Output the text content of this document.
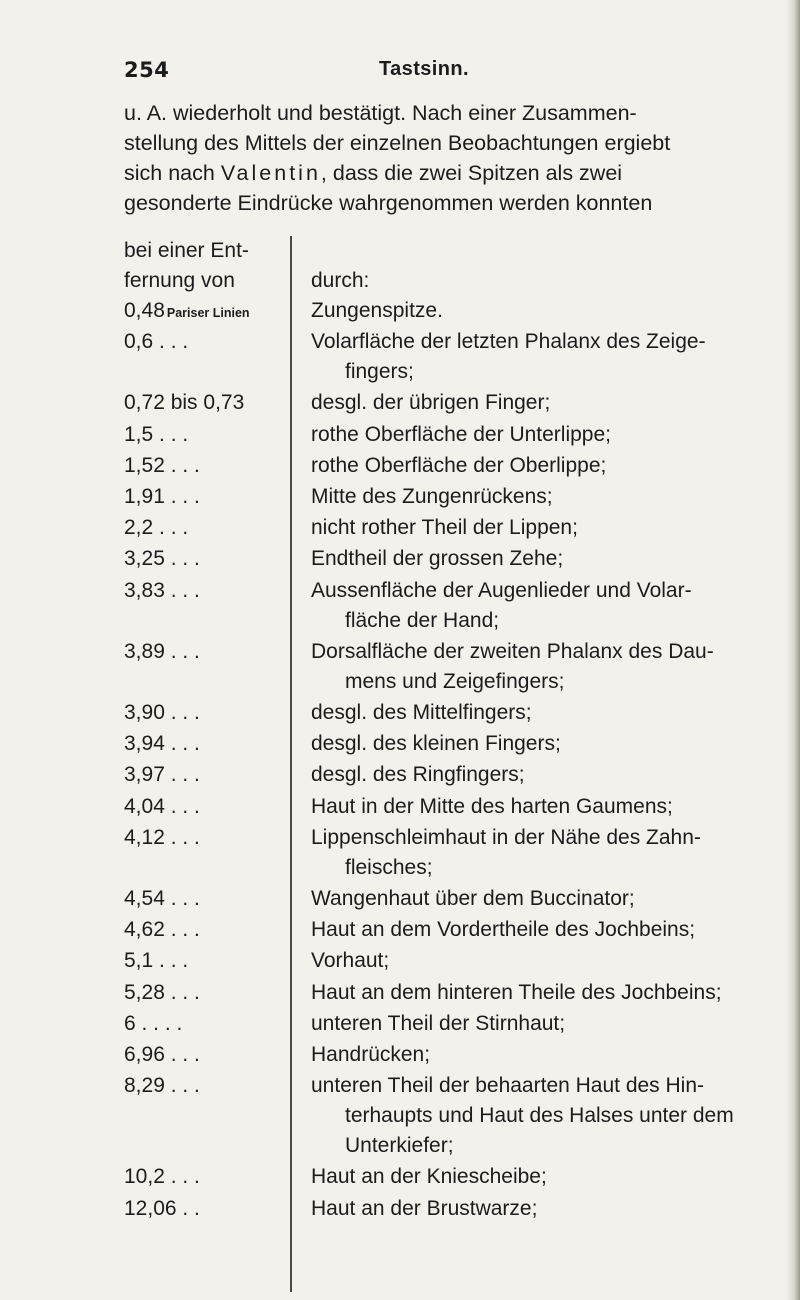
254	Tastsinn.

u. A. wiederholt und bestätigt. Nach einer Zusammen-

stellung des Mittels der einzelnen Beobachtungen ergiebt

sich nach Valentin, dass die zwei Spitzen als zwei

gesonderte Eindrücke wahrgenommen werden konnten

bei einer Ent-
fernung von	durch:
0,48 Pariser Linien	Zungenspitze.
0,6 . . .	Volarfläche der letzten Phalanx des Zeige-
fingers;
0,72 bis 0,73	desgl. der übrigen Finger;
1,5 . . .	rothe Oberfläche der Unterlippe;
1,52 . . .	rothe Oberfläche der Oberlippe;
1,91 . . .	Mitte des Zungenrückens;
2,2 . . .	nicht rother Theil der Lippen;
3,25 . . .	Endtheil der grossen Zehe;
3,83 . . .	Aussenfläche der Augenlieder und Volar-
fläche der Hand;
3,89 . . .	Dorsalfläche der zweiten Phalanx des Dau-
mens und Zeigefingers;
3,90 . . .	desgl. des Mittelfingers;
3,94 . . .	desgl. des kleinen Fingers;
3,97 . . .	desgl. des Ringfingers;
4,04 . . .	Haut in der Mitte des harten Gaumens;
4,12 . . .	Lippenschleimhaut in der Nähe des Zahn-
fleisches;
4,54 . . .	Wangenhaut über dem Buccinator;
4,62 . . .	Haut an dem Vordertheile des Jochbeins;
5,1 . . .	Vorhaut;
5,28 . . .	Haut an dem hinteren Theile des Jochbeins;
6 . . . .	unteren Theil der Stirnhaut;
6,96 . . .	Handrücken;
8,29 . . .	unteren Theil der behaarten Haut des Hin-
terhaupts und Haut des Halses unter dem
Unterkiefer;
10,2 . . .	Haut an der Kniescheibe;
12,06 . .	Haut an der Brustwarze;
